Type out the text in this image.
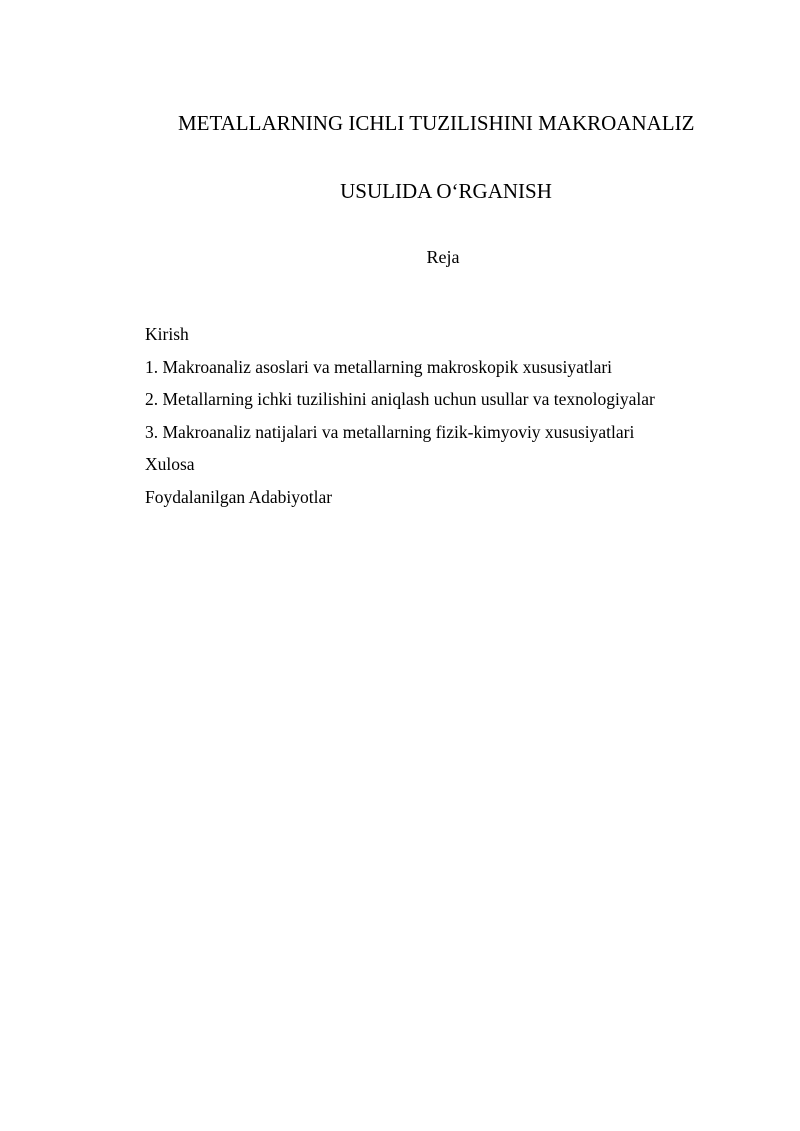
METALLARNING ICHLI TUZILISHINI MAKROANALIZ
USULIDA O‘RGANISH
Reja
Kirish
1. Makroanaliz asoslari va metallarning makroskopik xususiyatlari
2. Metallarning ichki tuzilishini aniqlash uchun usullar va texnologiyalar
3. Makroanaliz natijalari va metallarning fizik-kimyoviy xususiyatlari
Xulosa
Foydalanilgan Adabiyotlar
